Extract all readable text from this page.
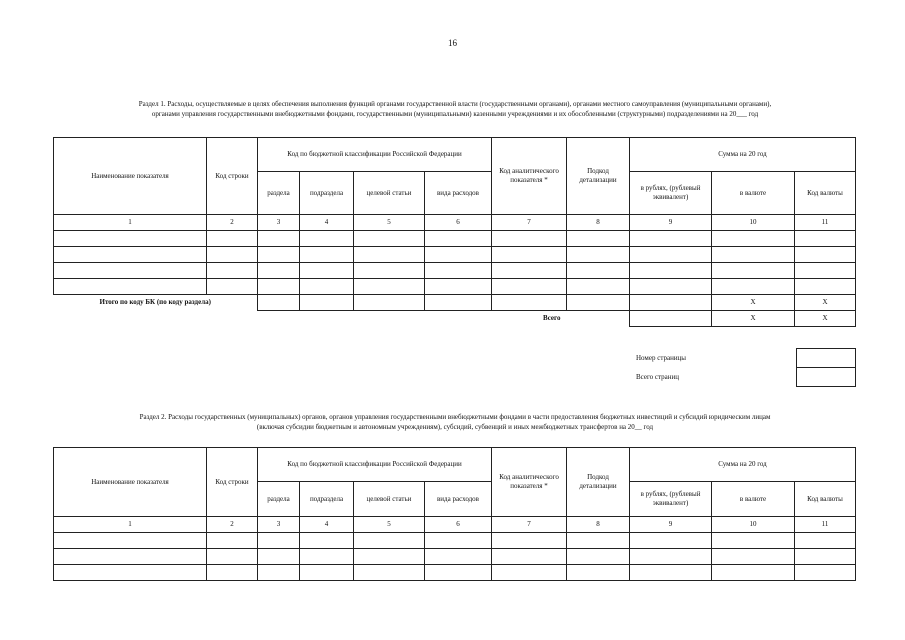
16
Раздел 1. Расходы, осуществляемые в целях обеспечения выполнения функций органами государственной власти (государственными органами), органами местного самоуправления (муниципальными органами),
органами управления государственными внебюджетными фондами, государственными (муниципальными) казенными учреждениями и их обособленными (структурными) подразделениями на 20___ год
Наименование показателя	Код строки	Код по бюджетной классификации Российской Федерации				Код аналитического показателя *	Подкод детализации	Сумма на 20 год		
		раздела	подраздела	целевой статьи	вида расходов			в рублях, (рублевый эквивалент)	в валюте	Код валюты
1	2	3	4	5	6	7	8	9	10	11

Итого по коду БК (по коду раздела)									X	X
Всего									X	X
Номер страницы	
Всего страниц	
Раздел 2. Расходы государственных (муниципальных) органов, органов управления государственными внебюджетными фондами в части предоставления бюджетных инвестиций и субсидий юридическим лицам
(включая субсидии бюджетным и автономным учреждениям), субсидий, субвенций и иных межбюджетных трансфертов на 20__ год
Наименование показателя	Код строки	Код по бюджетной классификации Российской Федерации				Код аналитического показателя *	Подкод детализации	Сумма на 20 год		
		раздела	подраздела	целевой статьи	вида расходов			в рублях, (рублевый эквивалент)	в валюте	Код валюты
1	2	3	4	5	6	7	8	9	10	11
